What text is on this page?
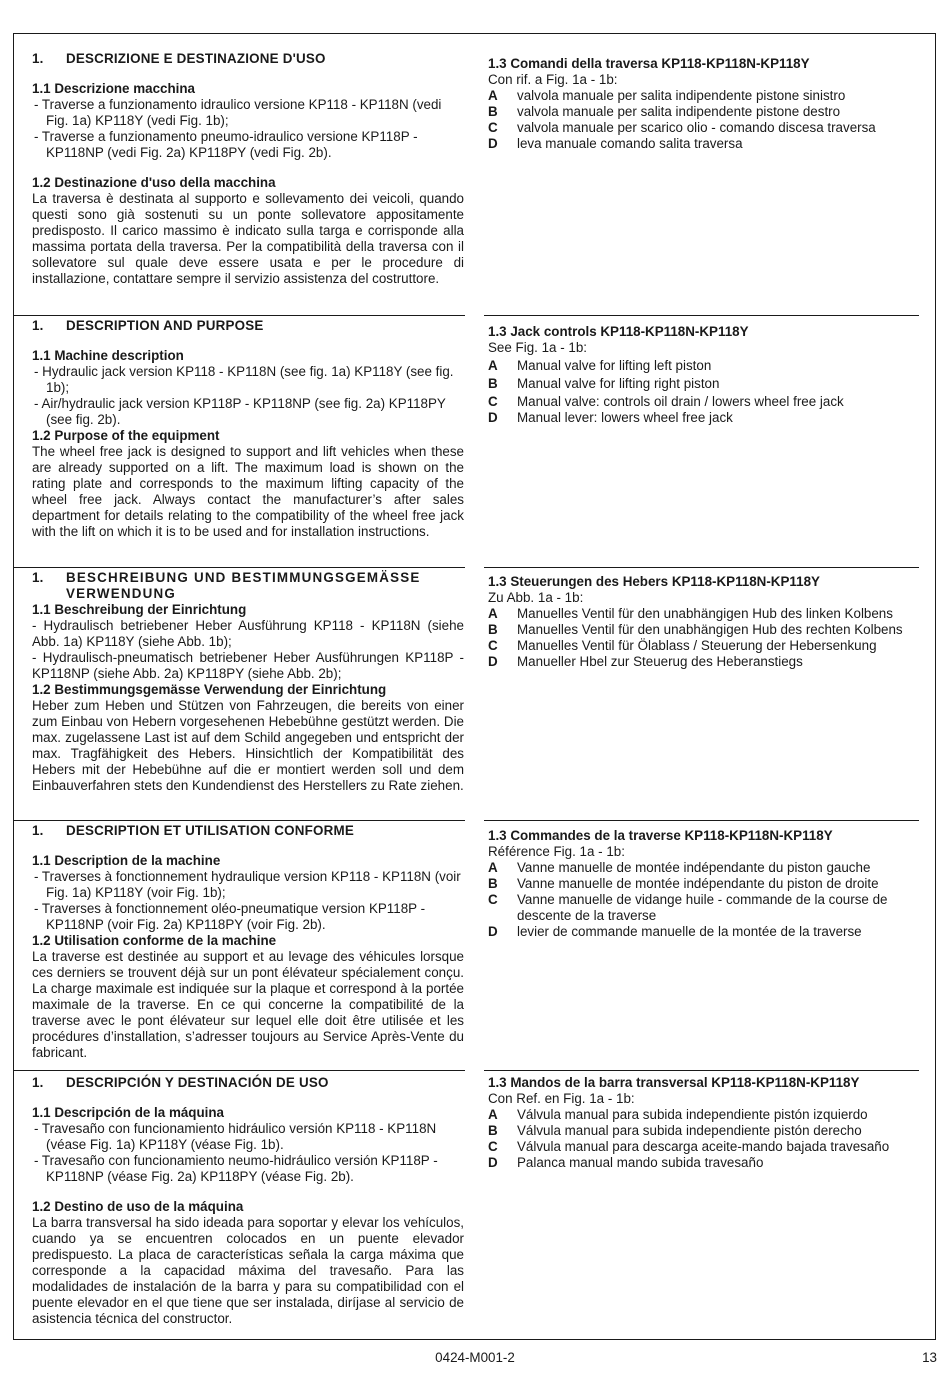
1.	DESCRIZIONE E DESTINAZIONE D'USO
1.1 Descrizione macchina
- Traverse a funzionamento idraulico versione KP118 - KP118N (vedi Fig. 1a) KP118Y (vedi Fig. 1b);
- Traverse a funzionamento pneumo-idraulico versione KP118P - KP118NP (vedi Fig. 2a) KP118PY (vedi Fig. 2b).
1.2 Destinazione d'uso della macchina
La traversa è destinata al supporto e sollevamento dei veicoli, quando questi sono già sostenuti su un ponte sollevatore appositamente predisposto. Il carico massimo è indicato sulla targa e corrisponde alla massima portata della traversa. Per la compatibilità della traversa con il sollevatore sul quale deve essere usata e per le procedure di installazione, contattare sempre il servizio assistenza del costruttore.
1.3 Comandi della traversa KP118-KP118N-KP118Y
Con rif. a Fig. 1a - 1b:
A	valvola manuale per salita indipendente pistone sinistro
B	valvola manuale per salita indipendente pistone destro
C	valvola manuale per scarico olio - comando discesa traversa
D	leva manuale comando salita traversa
1.	DESCRIPTION AND PURPOSE
1.1 Machine description
- Hydraulic jack version KP118 - KP118N (see fig. 1a) KP118Y (see fig. 1b);
- Air/hydraulic jack version KP118P - KP118NP (see fig. 2a) KP118PY (see fig. 2b).
1.2 Purpose of the equipment
The wheel free jack is designed to support and lift vehicles when these are already supported on a lift. The maximum load is shown on the rating plate and corresponds to the maximum lifting capacity of the wheel free jack. Always contact the manufacturer’s after sales department for details relating to the compatibility of the wheel free jack with the lift on which it is to be used and for installation instructions.
1.3 Jack controls KP118-KP118N-KP118Y
See Fig. 1a - 1b:
A	Manual valve for lifting left piston
B	Manual valve for lifting right piston
C	Manual valve: controls oil drain / lowers wheel free jack
D	Manual lever: lowers wheel free jack
1.	BESCHREIBUNG UND BESTIMMUNGSGEMÄSSE VERWENDUNG
1.1 Beschreibung der Einrichtung
- Hydraulisch betriebener Heber Ausführung KP118 - KP118N (siehe Abb. 1a) KP118Y (siehe Abb. 1b);
- Hydraulisch-pneumatisch betriebener Heber Ausführungen KP118P - KP118NP (siehe Abb. 2a) KP118PY (siehe Abb. 2b);
1.2 Bestimmungsgemässe Verwendung der Einrichtung
Heber zum Heben und Stützen von Fahrzeugen, die bereits von einer zum Einbau von Hebern vorgesehenen Hebebühne gestützt werden. Die max. zugelassene Last ist auf dem Schild angegeben und entspricht der max. Tragfähigkeit des Hebers. Hinsichtlich der Kompatibilität des Hebers mit der Hebebühne auf die er montiert werden soll und dem Einbauverfahren stets den Kundendienst des Herstellers zu Rate ziehen.
1.3 Steuerungen des Hebers KP118-KP118N-KP118Y
Zu Abb. 1a - 1b:
A	Manuelles Ventil für den unabhängigen Hub des linken Kolbens
B	Manuelles Ventil für den unabhängigen Hub des rechten Kolbens
C	Manuelles Ventil für Ölablass / Steuerung der Hebersenkung
D	Manueller Hbel zur Steuerug des Heberanstiegs
1.	DESCRIPTION ET UTILISATION CONFORME
1.1 Description de la machine
- Traverses à fonctionnement hydraulique version KP118 - KP118N (voir Fig. 1a) KP118Y (voir Fig. 1b);
- Traverses à fonctionnement oléo-pneumatique version KP118P - KP118NP (voir Fig. 2a) KP118PY (voir Fig. 2b).
1.2 Utilisation conforme de la machine
La traverse est destinée au support et au levage des véhicules lorsque ces derniers se trouvent déjà sur un pont élévateur spécialement conçu. La charge maximale est indiquée sur la plaque et correspond à la portée maximale de la traverse. En ce qui concerne la compatibilité de la traverse avec le pont élévateur sur lequel elle doit être utilisée et les procédures d’installation, s’adresser toujours au Service Après-Vente du fabricant.
1.3 Commandes de la traverse KP118-KP118N-KP118Y
Référence Fig. 1a - 1b:
A	Vanne manuelle de montée indépendante du piston gauche
B	Vanne manuelle de montée indépendante du piston de droite
C	Vanne manuelle de vidange huile - commande de la course de descente de la traverse
D	levier de commande manuelle de la montée de la traverse
1.	DESCRIPCIÓN Y DESTINACIÓN DE USO
1.1 Descripción de la máquina
- Travesaño con funcionamiento hidráulico versión KP118 - KP118N (véase Fig. 1a) KP118Y (véase Fig. 1b).
- Travesaño con funcionamiento neumo-hidráulico versión KP118P - KP118NP (véase Fig. 2a) KP118PY (véase Fig. 2b).
1.2 Destino de uso de la máquina
La barra transversal ha sido ideada para soportar y elevar los vehículos, cuando ya se encuentren colocados en un puente elevador predispuesto. La placa de características señala la carga máxima que corresponde a la capacidad máxima del travesaño. Para las modalidades de instalación de la barra y para su compatibilidad con el puente elevador en el que tiene que ser instalada, diríjase al servicio de asistencia técnica del constructor.
1.3 Mandos de la barra transversal KP118-KP118N-KP118Y
Con Ref. en Fig. 1a - 1b:
A	Válvula manual para subida independiente pistón izquierdo
B	Válvula manual para subida independiente pistón derecho
C	Válvula manual para descarga aceite-mando bajada travesaño
D	Palanca manual mando subida travesaño
0424-M001-2	13
